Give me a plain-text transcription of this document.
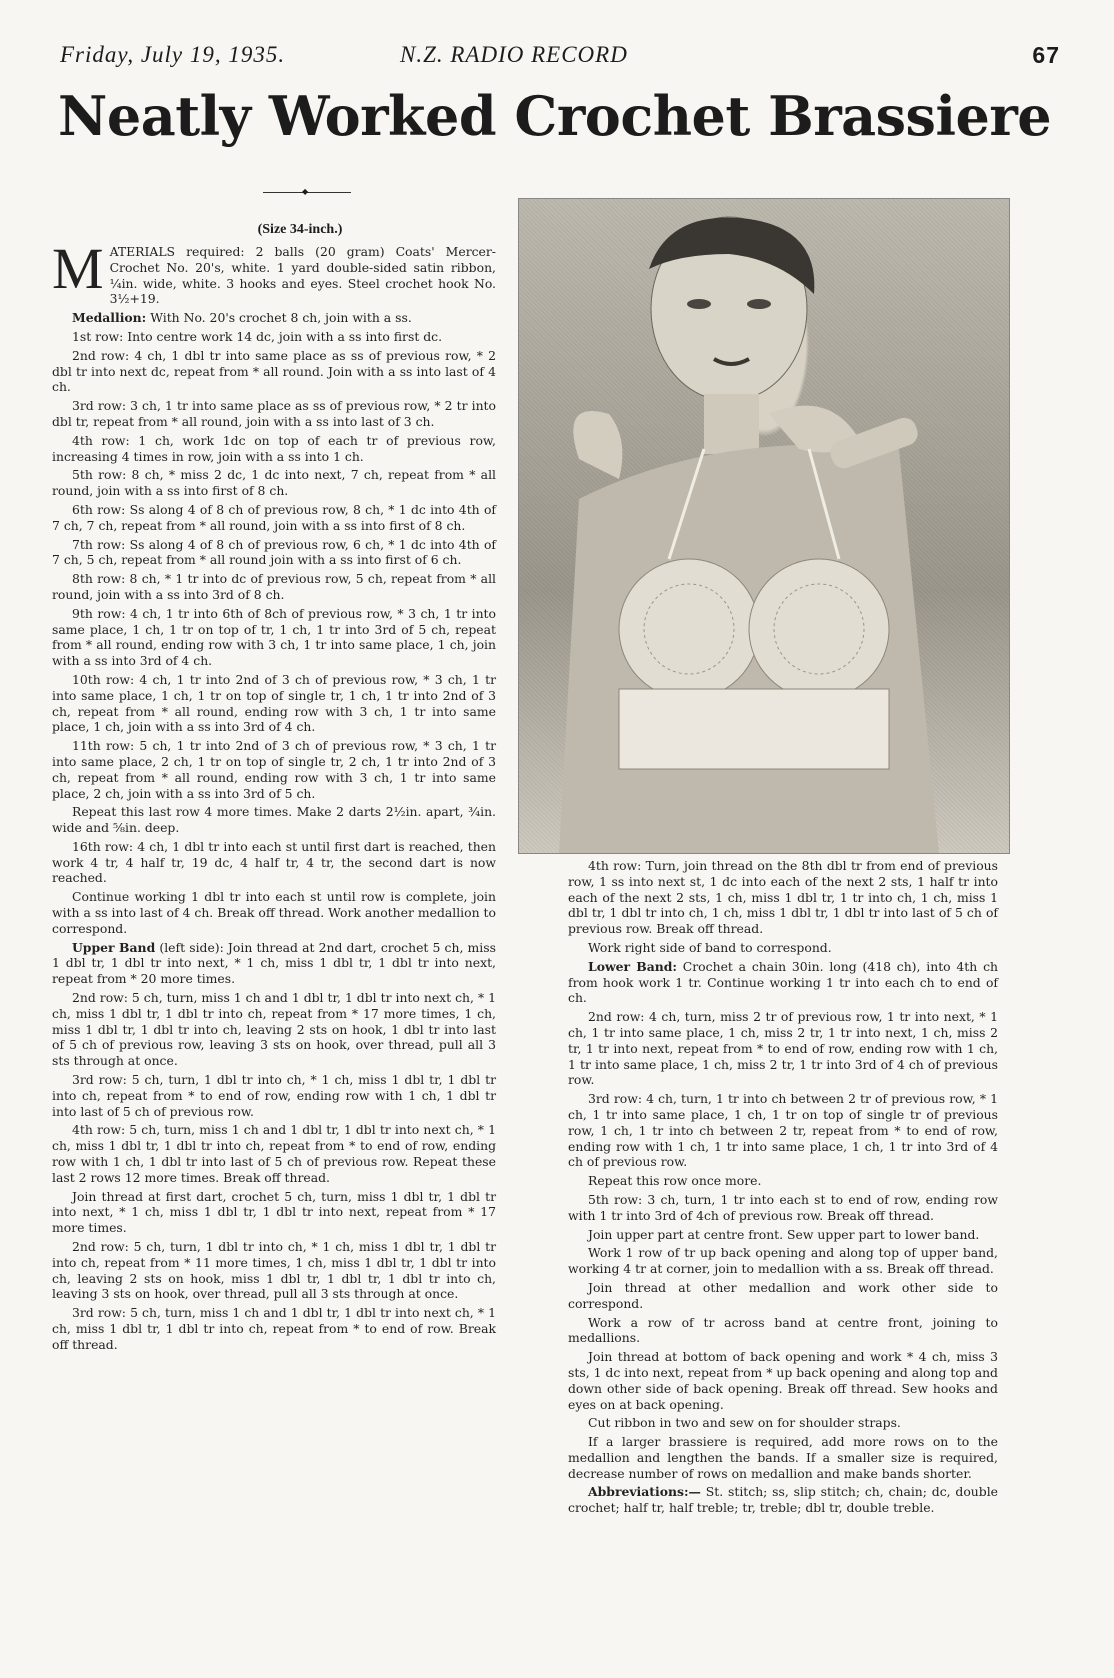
Friday, July 19, 1935.	N.Z. RADIO RECORD	67
Neatly Worked Crochet Brassiere
◆
(Size 34-inch.)

MATERIALS required: 2 balls (20 gram) Coats' Mercer-Crochet No. 20's, white. 1 yard double-sided satin ribbon, ¼in. wide, white. 3 hooks and eyes. Steel crochet hook No. 3½+19.

Medallion: With No. 20's crochet 8 ch, join with a ss.

1st row: Into centre work 14 dc, join with a ss into first dc.

2nd row: 4 ch, 1 dbl tr into same place as ss of previous row, * 2 dbl tr into next dc, repeat from * all round. Join with a ss into last of 4 ch.

3rd row: 3 ch, 1 tr into same place as ss of previous row, * 2 tr into dbl tr, repeat from * all round, join with a ss into last of 3 ch.

4th row: 1 ch, work 1dc on top of each tr of previous row, increasing 4 times in row, join with a ss into 1 ch.

5th row: 8 ch, * miss 2 dc, 1 dc into next, 7 ch, repeat from * all round, join with a ss into first of 8 ch.

6th row: Ss along 4 of 8 ch of previous row, 8 ch, * 1 dc into 4th of 7 ch, 7 ch, repeat from * all round, join with a ss into first of 8 ch.

7th row: Ss along 4 of 8 ch of previous row, 6 ch, * 1 dc into 4th of 7 ch, 5 ch, repeat from * all round join with a ss into first of 6 ch.

8th row: 8 ch, * 1 tr into dc of previous row, 5 ch, repeat from * all round, join with a ss into 3rd of 8 ch.

9th row: 4 ch, 1 tr into 6th of 8ch of previous row, * 3 ch, 1 tr into same place, 1 ch, 1 tr on top of tr, 1 ch, 1 tr into 3rd of 5 ch, repeat from * all round, ending row with 3 ch, 1 tr into same place, 1 ch, join with a ss into 3rd of 4 ch.

10th row: 4 ch, 1 tr into 2nd of 3 ch of previous row, * 3 ch, 1 tr into same place, 1 ch, 1 tr on top of single tr, 1 ch, 1 tr into 2nd of 3 ch, repeat from * all round, ending row with 3 ch, 1 tr into same place, 1 ch, join with a ss into 3rd of 4 ch.

11th row: 5 ch, 1 tr into 2nd of 3 ch of previous row, * 3 ch, 1 tr into same place, 2 ch, 1 tr on top of single tr, 2 ch, 1 tr into 2nd of 3 ch, repeat from * all round, ending row with 3 ch, 1 tr into same place, 2 ch, join with a ss into 3rd of 5 ch.

Repeat this last row 4 more times. Make 2 darts 2½in. apart, ¾in. wide and ⅝in. deep.

16th row: 4 ch, 1 dbl tr into each st until first dart is reached, then work 4 tr, 4 half tr, 19 dc, 4 half tr, 4 tr, the second dart is now reached.

Continue working 1 dbl tr into each st until row is complete, join with a ss into last of 4 ch. Break off thread. Work another medallion to correspond.

Upper Band (left side): Join thread at 2nd dart, crochet 5 ch, miss 1 dbl tr, 1 dbl tr into next, * 1 ch, miss 1 dbl tr, 1 dbl tr into next, repeat from * 20 more times.

2nd row: 5 ch, turn, miss 1 ch and 1 dbl tr, 1 dbl tr into next ch, * 1 ch, miss 1 dbl tr, 1 dbl tr into ch, repeat from * 17 more times, 1 ch, miss 1 dbl tr, 1 dbl tr into ch, leaving 2 sts on hook, 1 dbl tr into last of 5 ch of previous row, leaving 3 sts on hook, over thread, pull all 3 sts through at once.

3rd row: 5 ch, turn, 1 dbl tr into ch, * 1 ch, miss 1 dbl tr, 1 dbl tr into ch, repeat from * to end of row, ending row with 1 ch, 1 dbl tr into last of 5 ch of previous row.

4th row: 5 ch, turn, miss 1 ch and 1 dbl tr, 1 dbl tr into next ch, * 1 ch, miss 1 dbl tr, 1 dbl tr into ch, repeat from * to end of row, ending row with 1 ch, 1 dbl tr into last of 5 ch of previous row. Repeat these last 2 rows 12 more times. Break off thread.

Join thread at first dart, crochet 5 ch, turn, miss 1 dbl tr, 1 dbl tr into next, * 1 ch, miss 1 dbl tr, 1 dbl tr into next, repeat from * 17 more times.

2nd row: 5 ch, turn, 1 dbl tr into ch, * 1 ch, miss 1 dbl tr, 1 dbl tr into ch, repeat from * 11 more times, 1 ch, miss 1 dbl tr, 1 dbl tr into ch, leaving 2 sts on hook, miss 1 dbl tr, 1 dbl tr, 1 dbl tr into ch, leaving 3 sts on hook, over thread, pull all 3 sts through at once.

3rd row: 5 ch, turn, miss 1 ch and 1 dbl tr, 1 dbl tr into next ch, * 1 ch, miss 1 dbl tr, 1 dbl tr into ch, repeat from * to end of row. Break off thread.

4th row: Turn, join thread on the 8th dbl tr from end of previous row, 1 ss into next st, 1 dc into each of the next 2 sts, 1 half tr into each of the next 2 sts, 1 ch, miss 1 dbl tr, 1 tr into ch, 1 ch, miss 1 dbl tr, 1 dbl tr into ch, 1 ch, miss 1 dbl tr, 1 dbl tr into last of 5 ch of previous row. Break off thread.

Work right side of band to correspond.

Lower Band: Crochet a chain 30in. long (418 ch), into 4th ch from hook work 1 tr. Continue working 1 tr into each ch to end of ch.

2nd row: 4 ch, turn, miss 2 tr of previous row, 1 tr into next, * 1 ch, 1 tr into same place, 1 ch, miss 2 tr, 1 tr into next, 1 ch, miss 2 tr, 1 tr into next, repeat from * to end of row, ending row with 1 ch, 1 tr into same place, 1 ch, miss 2 tr, 1 tr into 3rd of 4 ch of previous row.

3rd row: 4 ch, turn, 1 tr into ch between 2 tr of previous row, * 1 ch, 1 tr into same place, 1 ch, 1 tr on top of single tr of previous row, 1 ch, 1 tr into ch between 2 tr, repeat from * to end of row, ending row with 1 ch, 1 tr into same place, 1 ch, 1 tr into 3rd of 4 ch of previous row.

Repeat this row once more.

5th row: 3 ch, turn, 1 tr into each st to end of row, ending row with 1 tr into 3rd of 4ch of previous row. Break off thread.

Join upper part at centre front. Sew upper part to lower band.

Work 1 row of tr up back opening and along top of upper band, working 4 tr at corner, join to medallion with a ss. Break off thread.

Join thread at other medallion and work other side to correspond.

Work a row of tr across band at centre front, joining to medallions.

Join thread at bottom of back opening and work * 4 ch, miss 3 sts, 1 dc into next, repeat from * up back opening and along top and down other side of back opening. Break off thread. Sew hooks and eyes on at back opening.

Cut ribbon in two and sew on for shoulder straps.

If a larger brassiere is required, add more rows on to the medallion and lengthen the bands. If a smaller size is required, decrease number of rows on medallion and make bands shorter.

Abbreviations:— St. stitch; ss, slip stitch; ch, chain; dc, double crochet; half tr, half treble; tr, treble; dbl tr, double treble.
